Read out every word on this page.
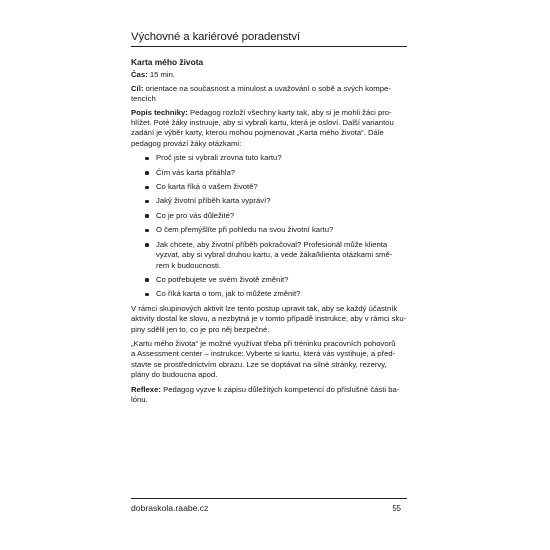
Výchovné a kariérové poradenství

Karta mého života

Čas: 15 min.

Cíl: orientace na současnost a minulost a uvažování o sobě a svých kompe-
tencích

Popis techniky: Pedagog rozloží všechny karty tak, aby si je mohli žáci pro-
hlížet. Poté žáky instruuje, aby si vybrali kartu, která je osloví. Další variantou
zadání je výběr karty, kterou mohou pojmenovat „Karta mého života“. Dále
pedagog provází žáky otázkami:

Proč jste si vybrali zrovna tuto kartu?
Čím vás karta přitáhla?
Co karta říká o vašem životě?
Jaký životní příběh karta vypráví?
Co je pro vás důležité?
O čem přemýšlíte při pohledu na svou životní kartu?
Jak chcete, aby životní příběh pokračoval? Profesionál může klienta
vyzvat, aby si vybral druhou kartu, a vede žáka/klienta otázkami smě-
rem k budoucnosti.
Co potřebujete ve svém životě změnit?
Co říká karta o tom, jak to můžete změnit?

V rámci skupinových aktivit lze tento postup upravit tak, aby se každý účastník
aktivity dostal ke slovu, a nezbytná je v tomto případě instrukce, aby v rámci sku-
piny sdělil jen to, co je pro něj bezpečné.

„Kartu mého života“ je možné využívat třeba při tréninku pracovních pohovorů
a Assessment center – instrukce: Vyberte si kartu, která vás vystihuje, a před-
stavte se prostřednictvím obrazu. Lze se doptávat na silné stránky, rezervy,
plány do budoucna apod.

Reflexe: Pedagog vyzve k zápisu důležitých kompetencí do příslušné části ba-
lónu.

dobraskola.raabe.cz	55
